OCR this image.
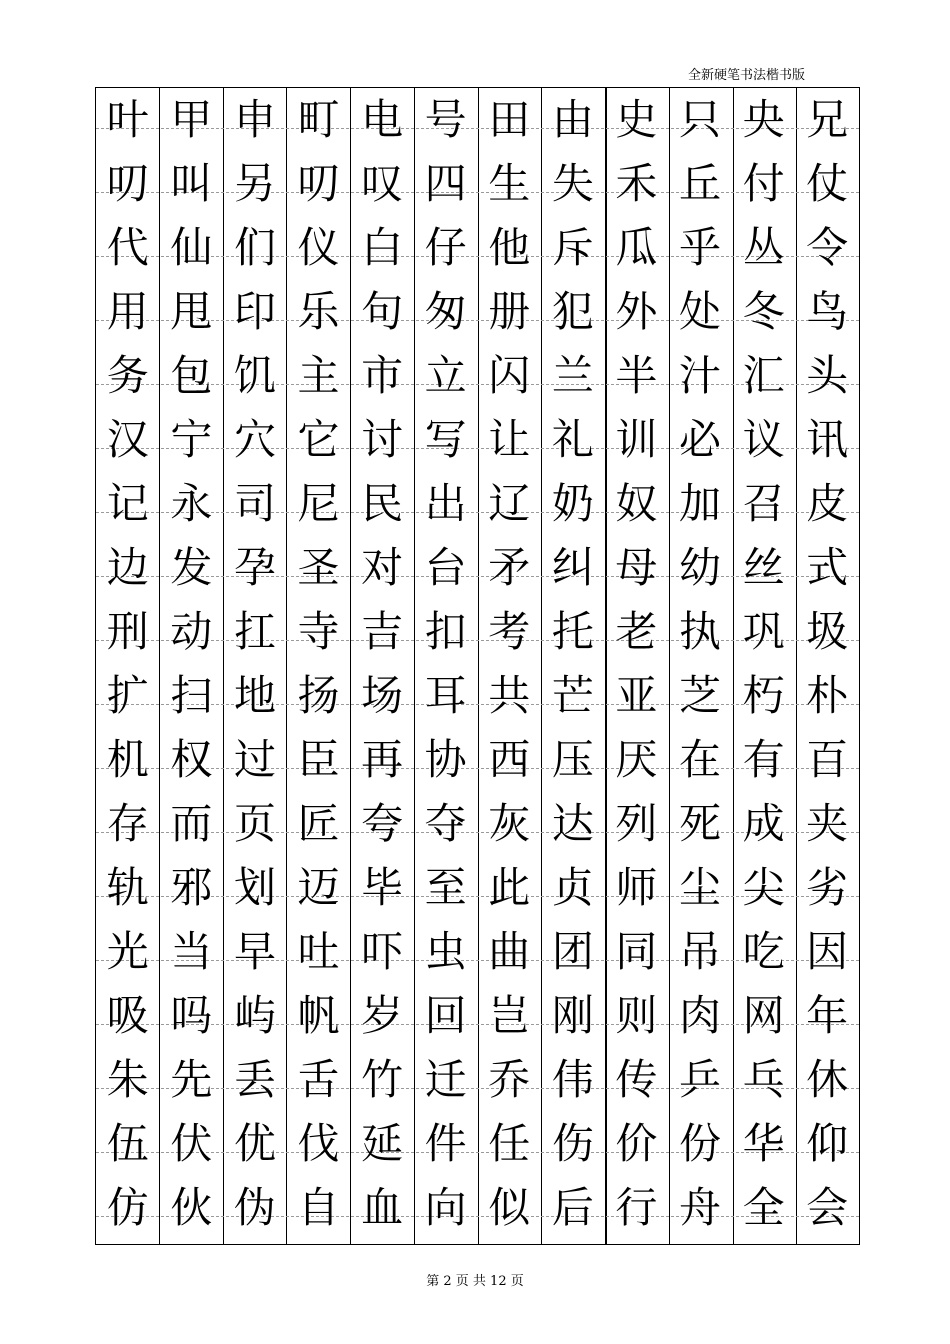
全新硬笔书法楷书版
叶 甲 申 町 电 号 田 由 史 只 央 兄
叨 叫 另 叨 叹 四 生 失 禾 丘 付 仗
代 仙 们 仪 白 仔 他 斥 瓜 乎 丛 令
用 甩 印 乐 句 匆 册 犯 外 处 冬 鸟
务 包 饥 主 市 立 闪 兰 半 汁 汇 头
汉 宁 穴 它 讨 写 让 礼 训 必 议 讯
记 永 司 尼 民 出 辽 奶 奴 加 召 皮
边 发 孕 圣 对 台 矛 纠 母 幼 丝 式
刑 动 扛 寺 吉 扣 考 托 老 执 巩 圾
扩 扫 地 扬 场 耳 共 芒 亚 芝 朽 朴
机 权 过 臣 再 协 西 压 厌 在 有 百
存 而 页 匠 夸 夺 灰 达 列 死 成 夹
轨 邪 划 迈 毕 至 此 贞 师 尘 尖 劣
光 当 早 吐 吓 虫 曲 团 同 吊 吃 因
吸 吗 屿 帆 岁 回 岂 刚 则 肉 网 年
朱 先 丢 舌 竹 迁 乔 伟 传 乒 乓 休
伍 伏 优 伐 延 件 任 伤 价 份 华 仰
仿 伙 伪 自 血 向 似 后 行 舟 全 会
第 2 页 共 12 页
